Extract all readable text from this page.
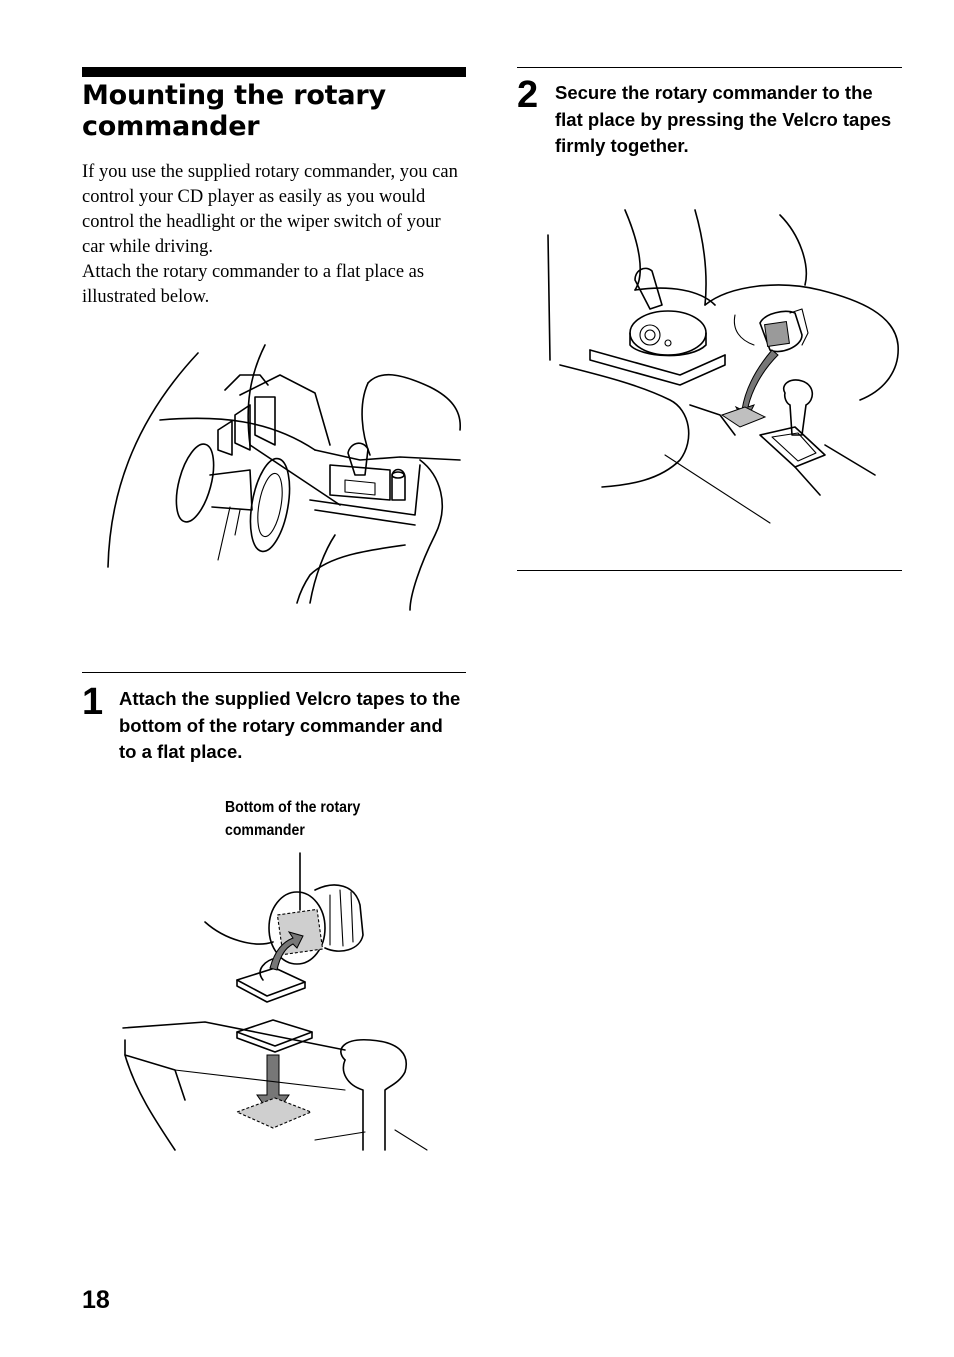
Mounting the rotary commander

If you use the supplied rotary commander, you can control your CD player as easily as you would control the headlight or the wiper switch of your car while driving.

Attach the rotary commander to a flat place as illustrated below.

1 Attach the supplied Velcro tapes to the bottom of the rotary commander and to a flat place.
Bottom of the rotary commander
2 Secure the rotary commander to the flat place by pressing the Velcro tapes firmly together.
18
